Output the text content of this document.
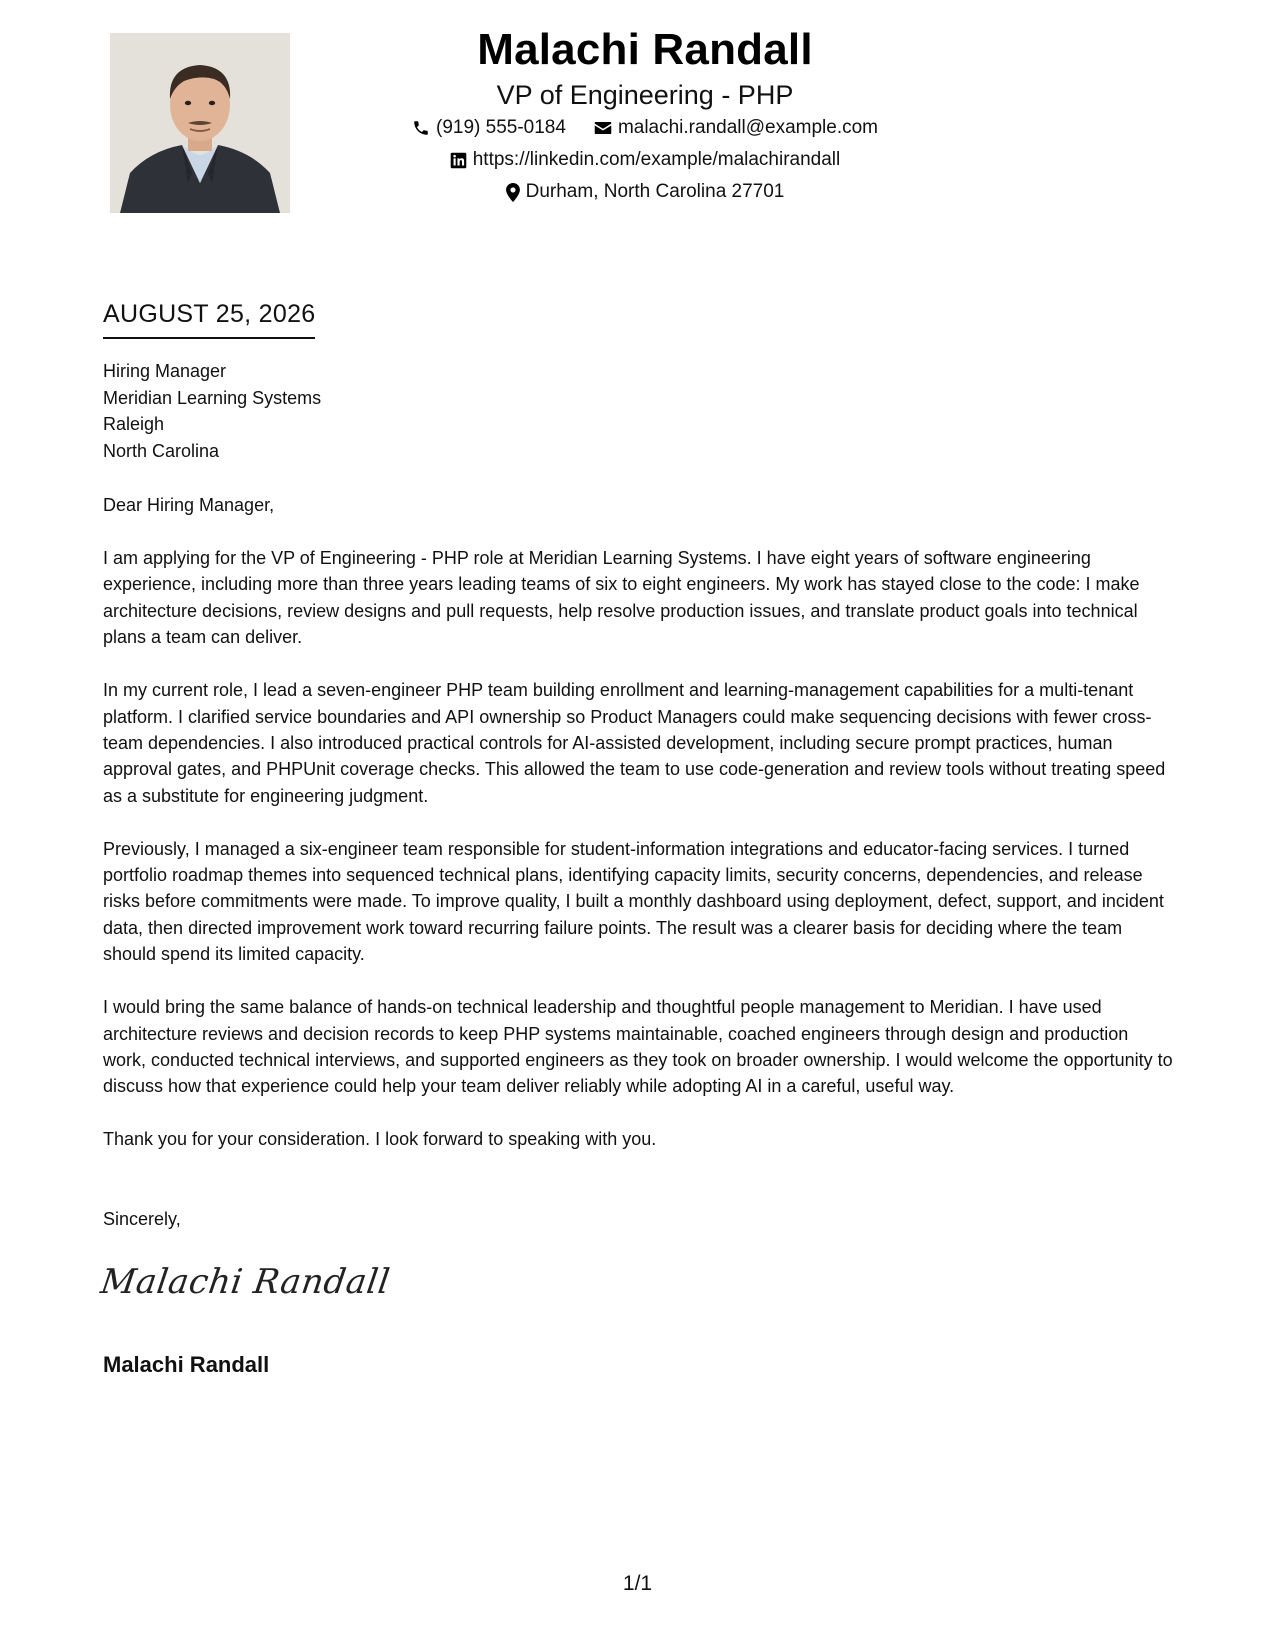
Malachi Randall
VP of Engineering - PHP
(919) 555-0184	malachi.randall@example.com
https://linkedin.com/example/malachirandall
Durham, North Carolina 27701
AUGUST 25, 2026
Hiring Manager
Meridian Learning Systems
Raleigh
North Carolina
Dear Hiring Manager,

I am applying for the VP of Engineering - PHP role at Meridian Learning Systems. I have eight years of software engineering experience, including more than three years leading teams of six to eight engineers. My work has stayed close to the code: I make architecture decisions, review designs and pull requests, help resolve production issues, and translate product goals into technical plans a team can deliver.

In my current role, I lead a seven-engineer PHP team building enrollment and learning-management capabilities for a multi-tenant platform. I clarified service boundaries and API ownership so Product Managers could make sequencing decisions with fewer cross-team dependencies. I also introduced practical controls for AI-assisted development, including secure prompt practices, human approval gates, and PHPUnit coverage checks. This allowed the team to use code-generation and review tools without treating speed as a substitute for engineering judgment.

Previously, I managed a six-engineer team responsible for student-information integrations and educator-facing services. I turned portfolio roadmap themes into sequenced technical plans, identifying capacity limits, security concerns, dependencies, and release risks before commitments were made. To improve quality, I built a monthly dashboard using deployment, defect, support, and incident data, then directed improvement work toward recurring failure points. The result was a clearer basis for deciding where the team should spend its limited capacity.

I would bring the same balance of hands-on technical leadership and thoughtful people management to Meridian. I have used architecture reviews and decision records to keep PHP systems maintainable, coached engineers through design and production work, conducted technical interviews, and supported engineers as they took on broader ownership. I would welcome the opportunity to discuss how that experience could help your team deliver reliably while adopting AI in a careful, useful way.

Thank you for your consideration. I look forward to speaking with you.

Sincerely,
Malachi Randall
Malachi Randall
1/1
